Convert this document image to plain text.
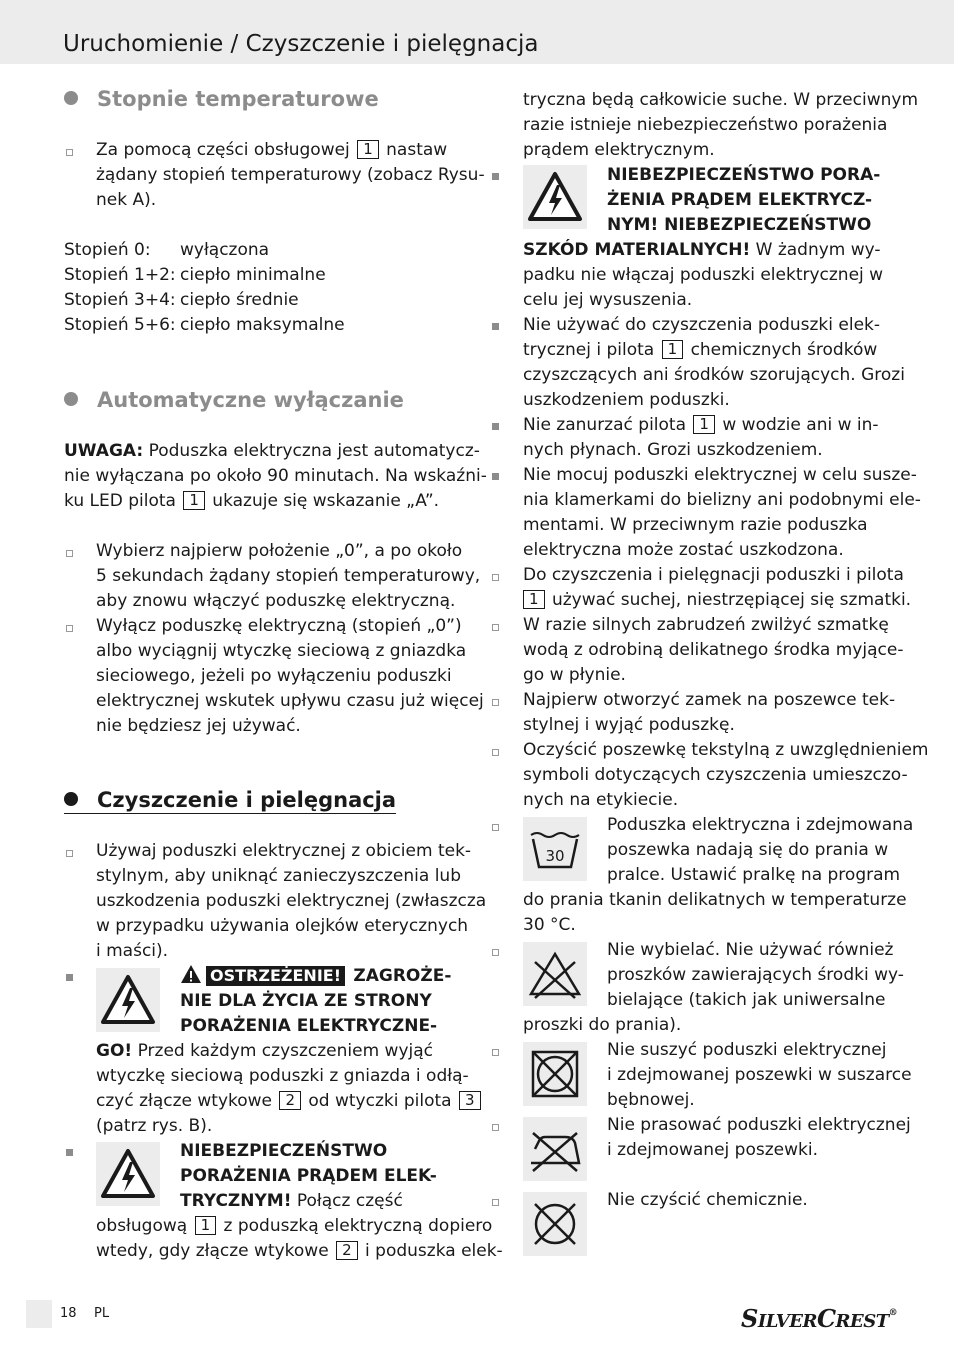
Uruchomienie / Czyszczenie i pielęgnacja
Stopnie temperaturowe
Za pomocą części obsługowej 1 nastaw
żądany stopień temperaturowy (zobacz Rysu-
nek A).
Stopień 0: wyłączona
Stopień 1+2: ciepło minimalne
Stopień 3+4: ciepło średnie
Stopień 5+6: ciepło maksymalne
Automatyczne wyłączanie
UWAGA: Poduszka elektryczna jest automatycz-
nie wyłączana po około 90 minutach. Na wskaźni-
ku LED pilota 1 ukazuje się wskazanie „A”.
Wybierz najpierw położenie „0”, a po około
5 sekundach żądany stopień temperaturowy,
aby znowu włączyć poduszkę elektryczną.
Wyłącz poduszkę elektryczną (stopień „0”)
albo wyciągnij wtyczkę sieciową z gniazdka
sieciowego, jeżeli po wyłączeniu poduszki
elektrycznej wskutek upływu czasu już więcej
nie będziesz jej używać.
Czyszczenie i pielęgnacja
Używaj poduszki elektrycznej z obiciem tek-
stylnym, aby uniknąć zanieczyszczenia lub
uszkodzenia poduszki elektrycznej (zwłaszcza
w przypadku używania olejków eterycznych
i maści).
OSTRZEŻENIE! ZAGROŻE-
NIE DLA ŻYCIA ZE STRONY
PORAŻENIA ELEKTRYCZNE-
GO! Przed każdym czyszczeniem wyjąć
wtyczkę sieciową poduszki z gniazda i odłą-
czyć złącze wtykowe 2 od wtyczki pilota 3
(patrz rys. B).
NIEBEZPIECZEŃSTWO
PORAŻENIA PRĄDEM ELEK-
TRYCZNYM! Połącz część
obsługową 1 z poduszką elektryczną dopiero
wtedy, gdy złącze wtykowe 2 i poduszka elek-
tryczna będą całkowicie suche. W przeciwnym
razie istnieje niebezpieczeństwo porażenia
prądem elektrycznym.
NIEBEZPIECZEŃSTWO PORA-
ŻENIA PRĄDEM ELEKTRYCZ-
NYM! NIEBEZPIECZEŃSTWO
SZKÓD MATERIALNYCH! W żadnym wy-
padku nie włączaj poduszki elektrycznej w
celu jej wysuszenia.
Nie używać do czyszczenia poduszki elek-
trycznej i pilota 1 chemicznych środków
czyszczących ani środków szorujących. Grozi
uszkodzeniem poduszki.
Nie zanurzać pilota 1 w wodzie ani w in-
nych płynach. Grozi uszkodzeniem.
Nie mocuj poduszki elektrycznej w celu susze-
nia klamerkami do bielizny ani podobnymi ele-
mentami. W przeciwnym razie poduszka
elektryczna może zostać uszkodzona.
Do czyszczenia i pielęgnacji poduszki i pilota
1 używać suchej, niestrzępiącej się szmatki.
W razie silnych zabrudzeń zwilżyć szmatkę
wodą z odrobiną delikatnego środka myjące-
go w płynie.
Najpierw otworzyć zamek na poszewce tek-
stylnej i wyjąć poduszkę.
Oczyścić poszewkę tekstylną z uwzględnieniem
symboli dotyczących czyszczenia umieszczo-
nych na etykiecie.
30
Poduszka elektryczna i zdejmowana
poszewka nadają się do prania w
pralce. Ustawić pralkę na program
do prania tkanin delikatnych w temperaturze
30 °C.
Nie wybielać. Nie używać również
proszków zawierających środki wy-
bielające (takich jak uniwersalne
proszki do prania).
Nie suszyć poduszki elektrycznej
i zdejmowanej poszewki w suszarce
bębnowej.
Nie prasować poduszki elektrycznej
i zdejmowanej poszewki.
Nie czyścić chemicznie.
18 PL	SILVERCREST®
